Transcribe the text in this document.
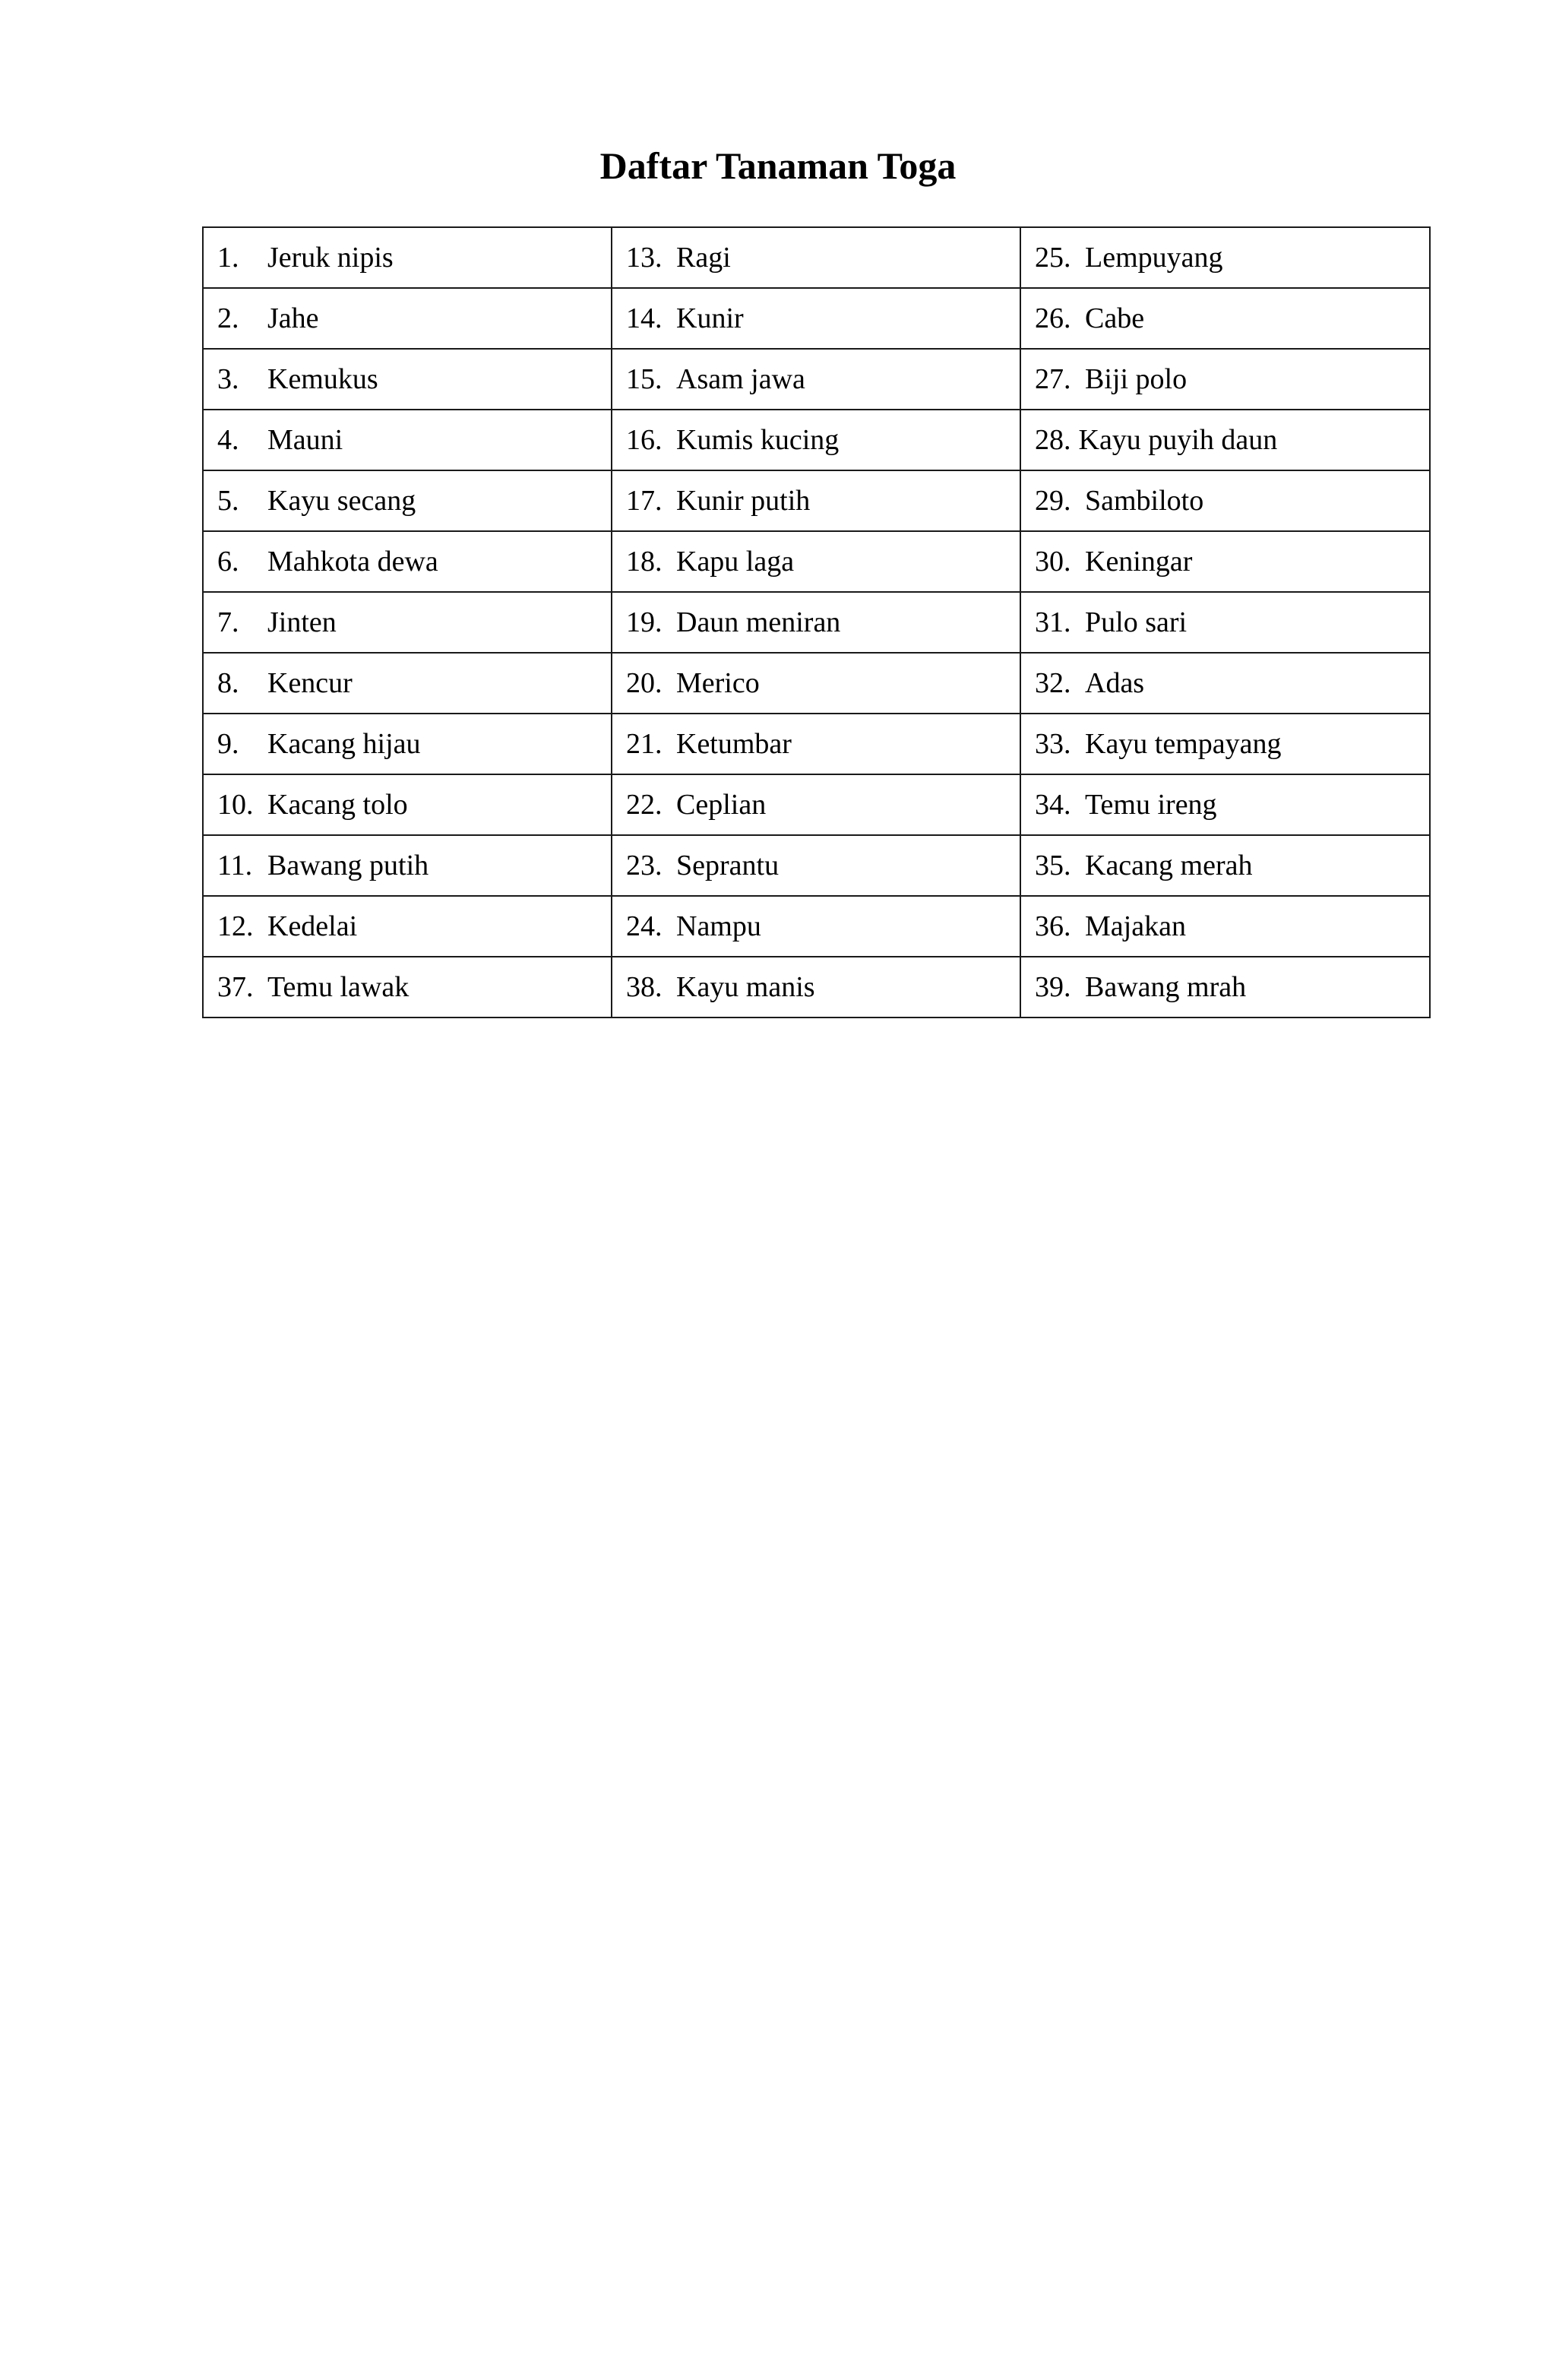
Daftar Tanaman Toga
1. Jeruk nipis	13. Ragi	25. Lempuyang
2. Jahe	14. Kunir	26. Cabe
3. Kemukus	15. Asam jawa	27. Biji polo
4. Mauni	16. Kumis kucing	28. Kayu puyih daun
5. Kayu secang	17. Kunir putih	29. Sambiloto
6. Mahkota dewa	18. Kapu laga	30. Keningar
7. Jinten	19. Daun meniran	31. Pulo sari
8. Kencur	20. Merico	32. Adas
9. Kacang hijau	21. Ketumbar	33. Kayu tempayang
10. Kacang tolo	22. Ceplian	34. Temu ireng
11. Bawang putih	23. Seprantu	35. Kacang merah
12. Kedelai	24. Nampu	36. Majakan
37. Temu lawak	38. Kayu manis	39. Bawang mrah
